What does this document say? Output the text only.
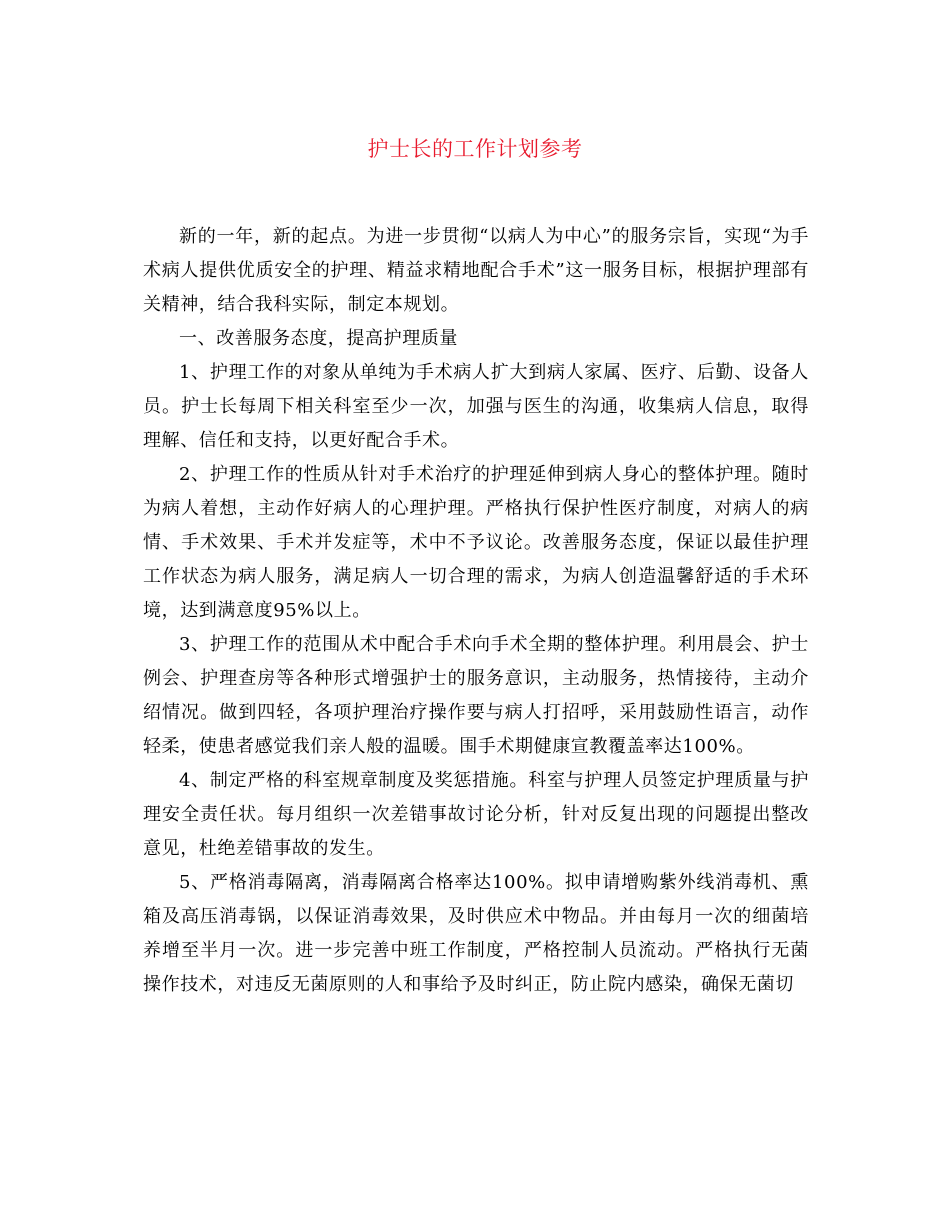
护士长的工作计划参考

新的一年，新的起点。为进一步贯彻“以病人为中心”的服务宗旨，实现“为手术病人提供优质安全的护理、精益求精地配合手术”这一服务目标，根据护理部有关精神，结合我科实际，制定本规划。

一、改善服务态度，提高护理质量

1、护理工作的对象从单纯为手术病人扩大到病人家属、医疗、后勤、设备人员。护士长每周下相关科室至少一次，加强与医生的沟通，收集病人信息，取得理解、信任和支持，以更好配合手术。

2、护理工作的性质从针对手术治疗的护理延伸到病人身心的整体护理。随时为病人着想，主动作好病人的心理护理。严格执行保护性医疗制度，对病人的病情、手术效果、手术并发症等，术中不予议论。改善服务态度，保证以最佳护理工作状态为病人服务，满足病人一切合理的需求，为病人创造温馨舒适的手术环境，达到满意度95%以上。

3、护理工作的范围从术中配合手术向手术全期的整体护理。利用晨会、护士例会、护理查房等各种形式增强护士的服务意识，主动服务，热情接待，主动介绍情况。做到四轻，各项护理治疗操作要与病人打招呼，采用鼓励性语言，动作轻柔，使患者感觉我们亲人般的温暖。围手术期健康宣教覆盖率达100%。

4、制定严格的科室规章制度及奖惩措施。科室与护理人员签定护理质量与护理安全责任状。每月组织一次差错事故讨论分析，针对反复出现的问题提出整改意见，杜绝差错事故的发生。

5、严格消毒隔离，消毒隔离合格率达100%。拟申请增购紫外线消毒机、熏箱及高压消毒锅，以保证消毒效果，及时供应术中物品。并由每月一次的细菌培养增至半月一次。进一步完善中班工作制度，严格控制人员流动。严格执行无菌操作技术，对违反无菌原则的人和事给予及时纠正，防止院内感染，确保无菌切
